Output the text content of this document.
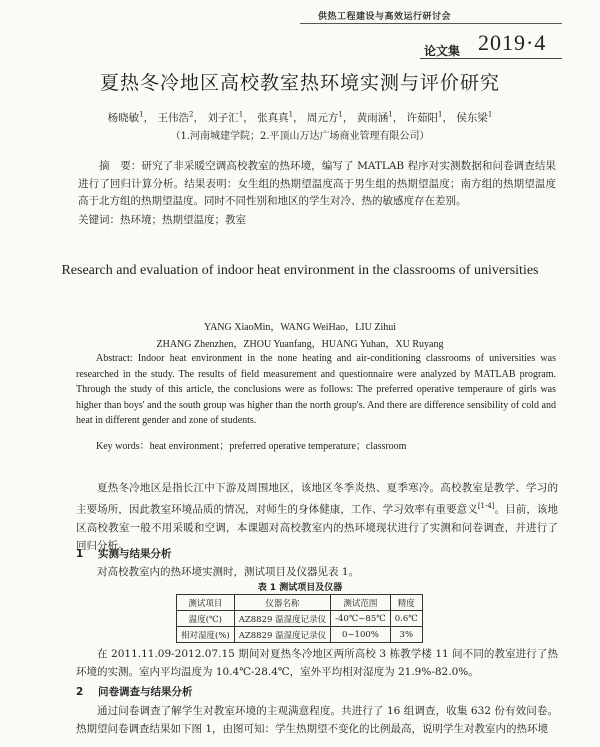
供热工程建设与高效运行研讨会
论文集 2019·4
夏热冬冷地区高校教室热环境实测与评价研究
杨晓敏$^1$， 王伟浩$^2$， 刘子汇$^1$， 张真真$^1$， 周元方$^1$， 黄雨涵$^1$， 许茹阳$^1$， 侯东梁$^1$
（1.河南城建学院；2.平顶山万达广场商业管理有限公司）
摘　要：研究了非采暖空调高校教室的热环境，编写了 MATLAB 程序对实测数据和问卷调查结果进行了回归计算分析。结果表明：女生组的热期望温度高于男生组的热期望温度；南方组的热期望温度高于北方组的热期望温度。同时不同性别和地区的学生对冷、热的敏感度存在差别。
关键词：热环境；热期望温度；教室
Research and evaluation of indoor heat environment in the classrooms of universities
YANG XiaoMin，WANG WeiHao，LIU Zihui
ZHANG Zhenzhen，ZHOU Yuanfang，HUANG Yuhan，XU Ruyang
Abstract: Indoor heat environment in the none heating and air-conditioning classrooms of universities was researched in the study. The results of field measurement and questionnaire were analyzed by MATLAB program. Through the study of this article, the conclusions were as follows: The preferred operative temperaure of girls was higher than boys' and the south group was higher than the north group's. And there are difference sensibility of cold and heat in different gender and zone of students.
Key words：heat environment；preferred operative temperature；classroom
夏热冬冷地区是指长江中下游及周围地区，该地区冬季炎热、夏季寒冷。高校教室是教学、学习的主要场所，因此教室环境品质的情况，对师生的身体健康，工作、学习效率有重要意义[1-4]。目前，该地区高校教室一般不用采暖和空调，本课题对高校教室内的热环境现状进行了实测和问卷调查，并进行了回归分析。
1 实测与结果分析
对高校教室内的热环境实测时，测试项目及仪器见表 1。
表 1 测试项目及仪器
测试项目	仪器名称	测试范围	精度
温度(℃)	AZ8829 温湿度记录仪	-40℃~85℃	0.6℃
相对湿度(%)	AZ8829 温湿度记录仪	0~100%	3%
在 2011.11.09-2012.07.15 期间对夏热冬冷地区两所高校 3 栋教学楼 11 间不同的教室进行了热环境的实测。室内平均温度为 10.4℃-28.4℃，室外平均相对湿度为 21.9%-82.0%。
2 问卷调查与结果分析
通过问卷调查了解学生对教室环境的主观满意程度。共进行了 16 组调查，收集 632 份有效问卷。热期望问卷调查结果如下图 1，由图可知：学生热期望不变化的比例最高，说明学生对教室内的热环境
